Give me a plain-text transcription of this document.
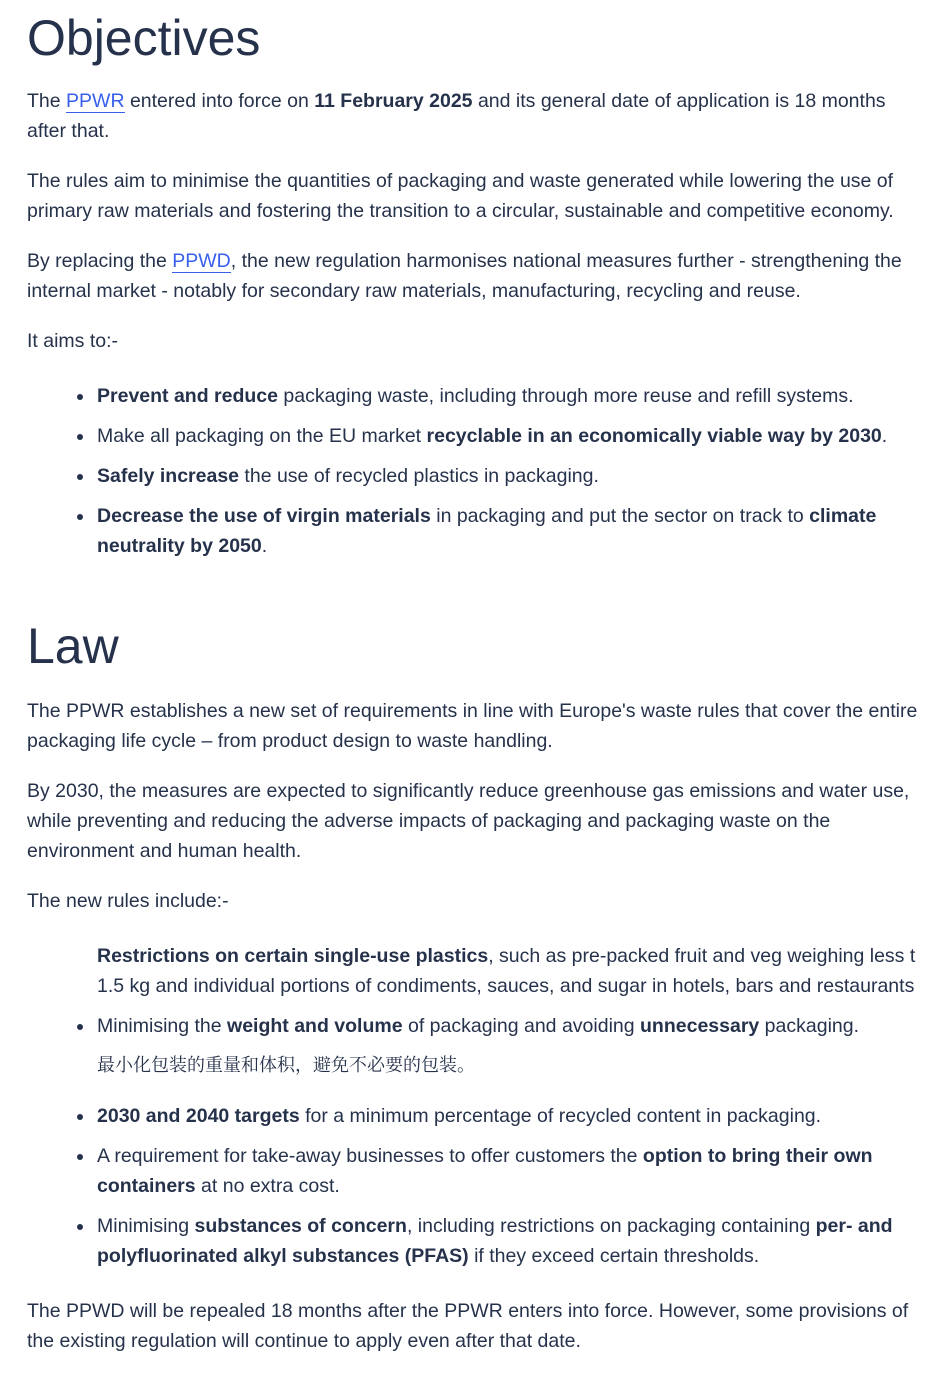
Objectives

The PPWR entered into force on 11 February 2025 and its general date of application is 18 months after that.

The rules aim to minimise the quantities of packaging and waste generated while lowering the use of primary raw materials and fostering the transition to a circular, sustainable and competitive economy.

By replacing the PPWD, the new regulation harmonises national measures further - strengthening the internal market - notably for secondary raw materials, manufacturing, recycling and reuse.

It aims to:-

Prevent and reduce packaging waste, including through more reuse and refill systems.
Make all packaging on the EU market recyclable in an economically viable way by 2030.
Safely increase the use of recycled plastics in packaging.
Decrease the use of virgin materials in packaging and put the sector on track to climate neutrality by 2050.
Law

The PPWR establishes a new set of requirements in line with Europe's waste rules that cover the entire packaging life cycle – from product design to waste handling.

By 2030, the measures are expected to significantly reduce greenhouse gas emissions and water use, while preventing and reducing the adverse impacts of packaging and packaging waste on the environment and human health.

The new rules include:-

Restrictions on certain single-use plastics, such as pre-packed fruit and veg weighing less t
1.5 kg and individual portions of condiments, sauces, and sugar in hotels, bars and restaurants
Minimising the weight and volume of packaging and avoiding unnecessary packaging.
最小化包装的重量和体积，避免不必要的包装。
2030 and 2040 targets for a minimum percentage of recycled content in packaging.
A requirement for take-away businesses to offer customers the option to bring their own containers at no extra cost.
Minimising substances of concern, including restrictions on packaging containing per- and polyfluorinated alkyl substances (PFAS) if they exceed certain thresholds.

The PPWD will be repealed 18 months after the PPWR enters into force. However, some provisions of the existing regulation will continue to apply even after that date.
